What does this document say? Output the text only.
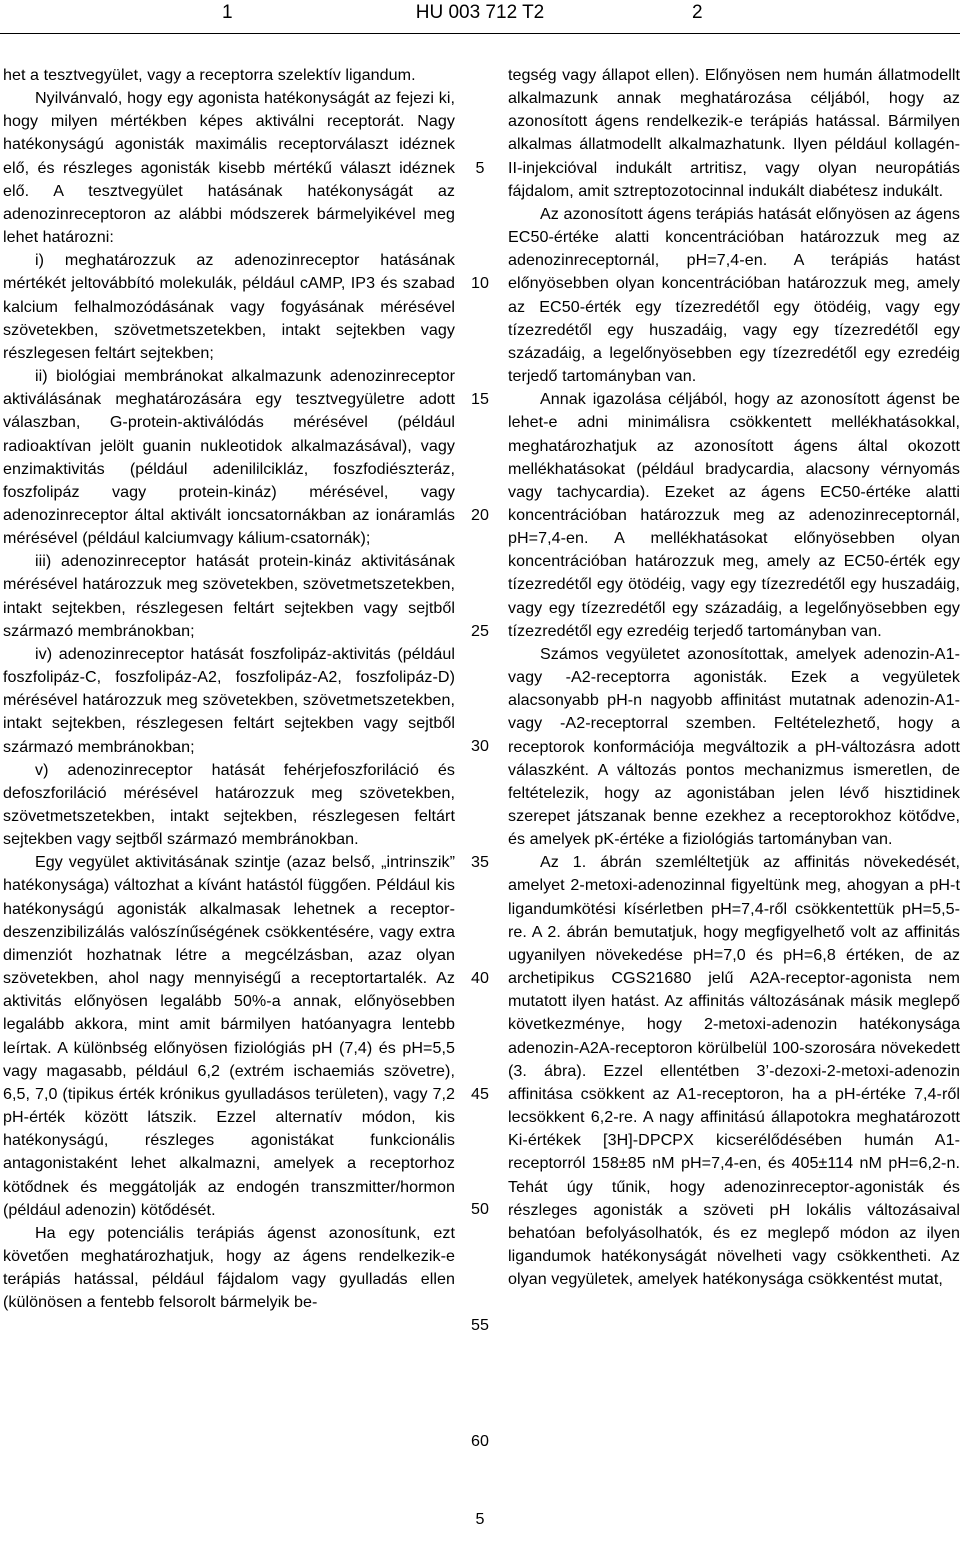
1	HU 003 712 T2	2

het a tesztvegyület, vagy a receptorra szelektív ligandum.

Nyilvánvaló, hogy egy agonista hatékonyságát az fejezi ki, hogy milyen mértékben képes aktiválni receptorát. Nagy hatékonyságú agonisták maximális receptorválaszt idéznek elő, és részleges agonisták kisebb mértékű választ idéznek elő. A tesztvegyület hatásának hatékonyságát az adenozinreceptoron az alábbi módszerek bármelyikével meg lehet határozni:

i) meghatározzuk az adenozinreceptor hatásának mértékét jeltovábbító molekulák, például cAMP, IP3 és szabad kalcium felhalmozódásának vagy fogyásának mérésével szövetekben, szövetmetszetekben, intakt sejtekben vagy részlegesen feltárt sejtekben;

ii) biológiai membránokat alkalmazunk adenozinreceptor aktiválásának meghatározására egy tesztvegyületre adott válaszban, G-protein-aktiválódás mérésével (például radioaktívan jelölt guanin nukleotidok alkalmazásával), vagy enzimaktivitás (például adenililcikláz, foszfodiészteráz, foszfolipáz vagy protein-kináz) mérésével, vagy adenozinreceptor által aktivált ioncsatornákban az ionáramlás mérésével (például kalciumvagy kálium-csatornák);

iii) adenozinreceptor hatását protein-kináz aktivitásának mérésével határozzuk meg szövetekben, szövetmetszetekben, intakt sejtekben, részlegesen feltárt sejtekben vagy sejtből származó membránokban;

iv) adenozinreceptor hatását foszfolipáz-aktivitás (például foszfolipáz-C, foszfolipáz-A2, foszfolipáz-A2, foszfolipáz-D) mérésével határozzuk meg szövetekben, szövetmetszetekben, intakt sejtekben, részlegesen feltárt sejtekben vagy sejtből származó membránokban;

v) adenozinreceptor hatását fehérjefoszforiláció és defoszforiláció mérésével határozzuk meg szövetekben, szövetmetszetekben, intakt sejtekben, részlegesen feltárt sejtekben vagy sejtből származó membránokban.

Egy vegyület aktivitásának szintje (azaz belső, „intrinszik” hatékonysága) változhat a kívánt hatástól függően. Például kis hatékonyságú agonisták alkalmasak lehetnek a receptor-deszenzibilizálás valószínűségének csökkentésére, vagy extra dimenziót hozhatnak létre a megcélzásban, azaz olyan szövetekben, ahol nagy mennyiségű a receptortartalék. Az aktivitás előnyösen legalább 50%-a annak, előnyösebben legalább akkora, mint amit bármilyen hatóanyagra lentebb leírtak. A különbség előnyösen fiziológiás pH (7,4) és pH=5,5 vagy magasabb, például 6,2 (extrém ischaemiás szövetre), 6,5, 7,0 (tipikus érték krónikus gyulladásos területen), vagy 7,2 pH-érték között látszik. Ezzel alternatív módon, kis hatékonyságú, részleges agonistákat funkcionális antagonistaként lehet alkalmazni, amelyek a receptorhoz kötődnek és meggátolják az endogén transzmitter/hormon (például adenozin) kötődését.

Ha egy potenciális terápiás ágenst azonosítunk, ezt követően meghatározhatjuk, hogy az ágens rendelkezik-e terápiás hatással, például fájdalom vagy gyulladás ellen (különösen a fentebb felsorolt bármelyik be-

5
10
15
20
25
30
35
40
45
50
55
60

tegség vagy állapot ellen). Előnyösen nem humán állatmodellt alkalmazunk annak meghatározása céljából, hogy az azonosított ágens rendelkezik-e terápiás hatással. Bármilyen alkalmas állatmodellt alkalmazhatunk. Ilyen például kollagén-II-injekcióval indukált artritisz, vagy olyan neuropátiás fájdalom, amit sztreptozotocinnal indukált diabétesz indukált.

Az azonosított ágens terápiás hatását előnyösen az ágens EC50-értéke alatti koncentrációban határozzuk meg az adenozinreceptornál, pH=7,4-en. A terápiás hatást előnyösebben olyan koncentrációban határozzuk meg, amely az EC50-érték egy tízezredétől egy ötödéig, vagy egy tízezredétől egy huszadáig, vagy egy tízezredétől egy századáig, a legelőnyösebben egy tízezredétől egy ezredéig terjedő tartományban van.

Annak igazolása céljából, hogy az azonosított ágenst be lehet-e adni minimálisra csökkentett mellékhatásokkal, meghatározhatjuk az azonosított ágens által okozott mellékhatásokat (például bradycardia, alacsony vérnyomás vagy tachycardia). Ezeket az ágens EC50-értéke alatti koncentrációban határozzuk meg az adenozinreceptornál, pH=7,4-en. A mellékhatásokat előnyösebben olyan koncentrációban határozzuk meg, amely az EC50-érték egy tízezredétől egy ötödéig, vagy egy tízezredétől egy huszadáig, vagy egy tízezredétől egy századáig, a legelőnyösebben egy tízezredétől egy ezredéig terjedő tartományban van.

Számos vegyületet azonosítottak, amelyek adenozin-A1- vagy -A2-receptorra agonisták. Ezek a vegyületek alacsonyabb pH-n nagyobb affinitást mutatnak adenozin-A1- vagy -A2-receptorral szemben. Feltételezhető, hogy a receptorok konformációja megváltozik a pH-változásra adott válaszként. A változás pontos mechanizmus ismeretlen, de feltételezik, hogy az agonistában jelen lévő hisztidinek szerepet játszanak benne ezekhez a receptorokhoz kötődve, és amelyek pK-értéke a fiziológiás tartományban van.

Az 1. ábrán szemléltetjük az affinitás növekedését, amelyet 2-metoxi-adenozinnal figyeltünk meg, ahogyan a pH-t ligandumkötési kísérletben pH=7,4-ről csökkentettük pH=5,5-re. A 2. ábrán bemutatjuk, hogy megfigyelhető volt az affinitás ugyanilyen növekedése pH=7,0 és pH=6,8 értéken, de az archetipikus CGS21680 jelű A2A-receptor-agonista nem mutatott ilyen hatást. Az affinitás változásának másik meglepő következménye, hogy 2-metoxi-adenozin hatékonysága adenozin-A2A-receptoron körülbelül 100-szorosára növekedett (3. ábra). Ezzel ellentétben 3’-dezoxi-2-metoxi-adenozin affinitása csökkent az A1-receptoron, ha a pH-értéke 7,4-ről lecsökkent 6,2-re. A nagy affinitású állapotokra meghatározott Ki-értékek [3H]-DPCPX kicserélődésében humán A1-receptorról 158±85 nM pH=7,4-en, és 405±114 nM pH=6,2-n. Tehát úgy tűnik, hogy adenozinreceptor-agonisták és részleges agonisták a szöveti pH lokális változásaival behatóan befolyásolhatók, és ez meglepő módon az ilyen ligandumok hatékonyságát növelheti vagy csökkentheti. Az olyan vegyületek, amelyek hatékonysága csökkentést mutat,

5
